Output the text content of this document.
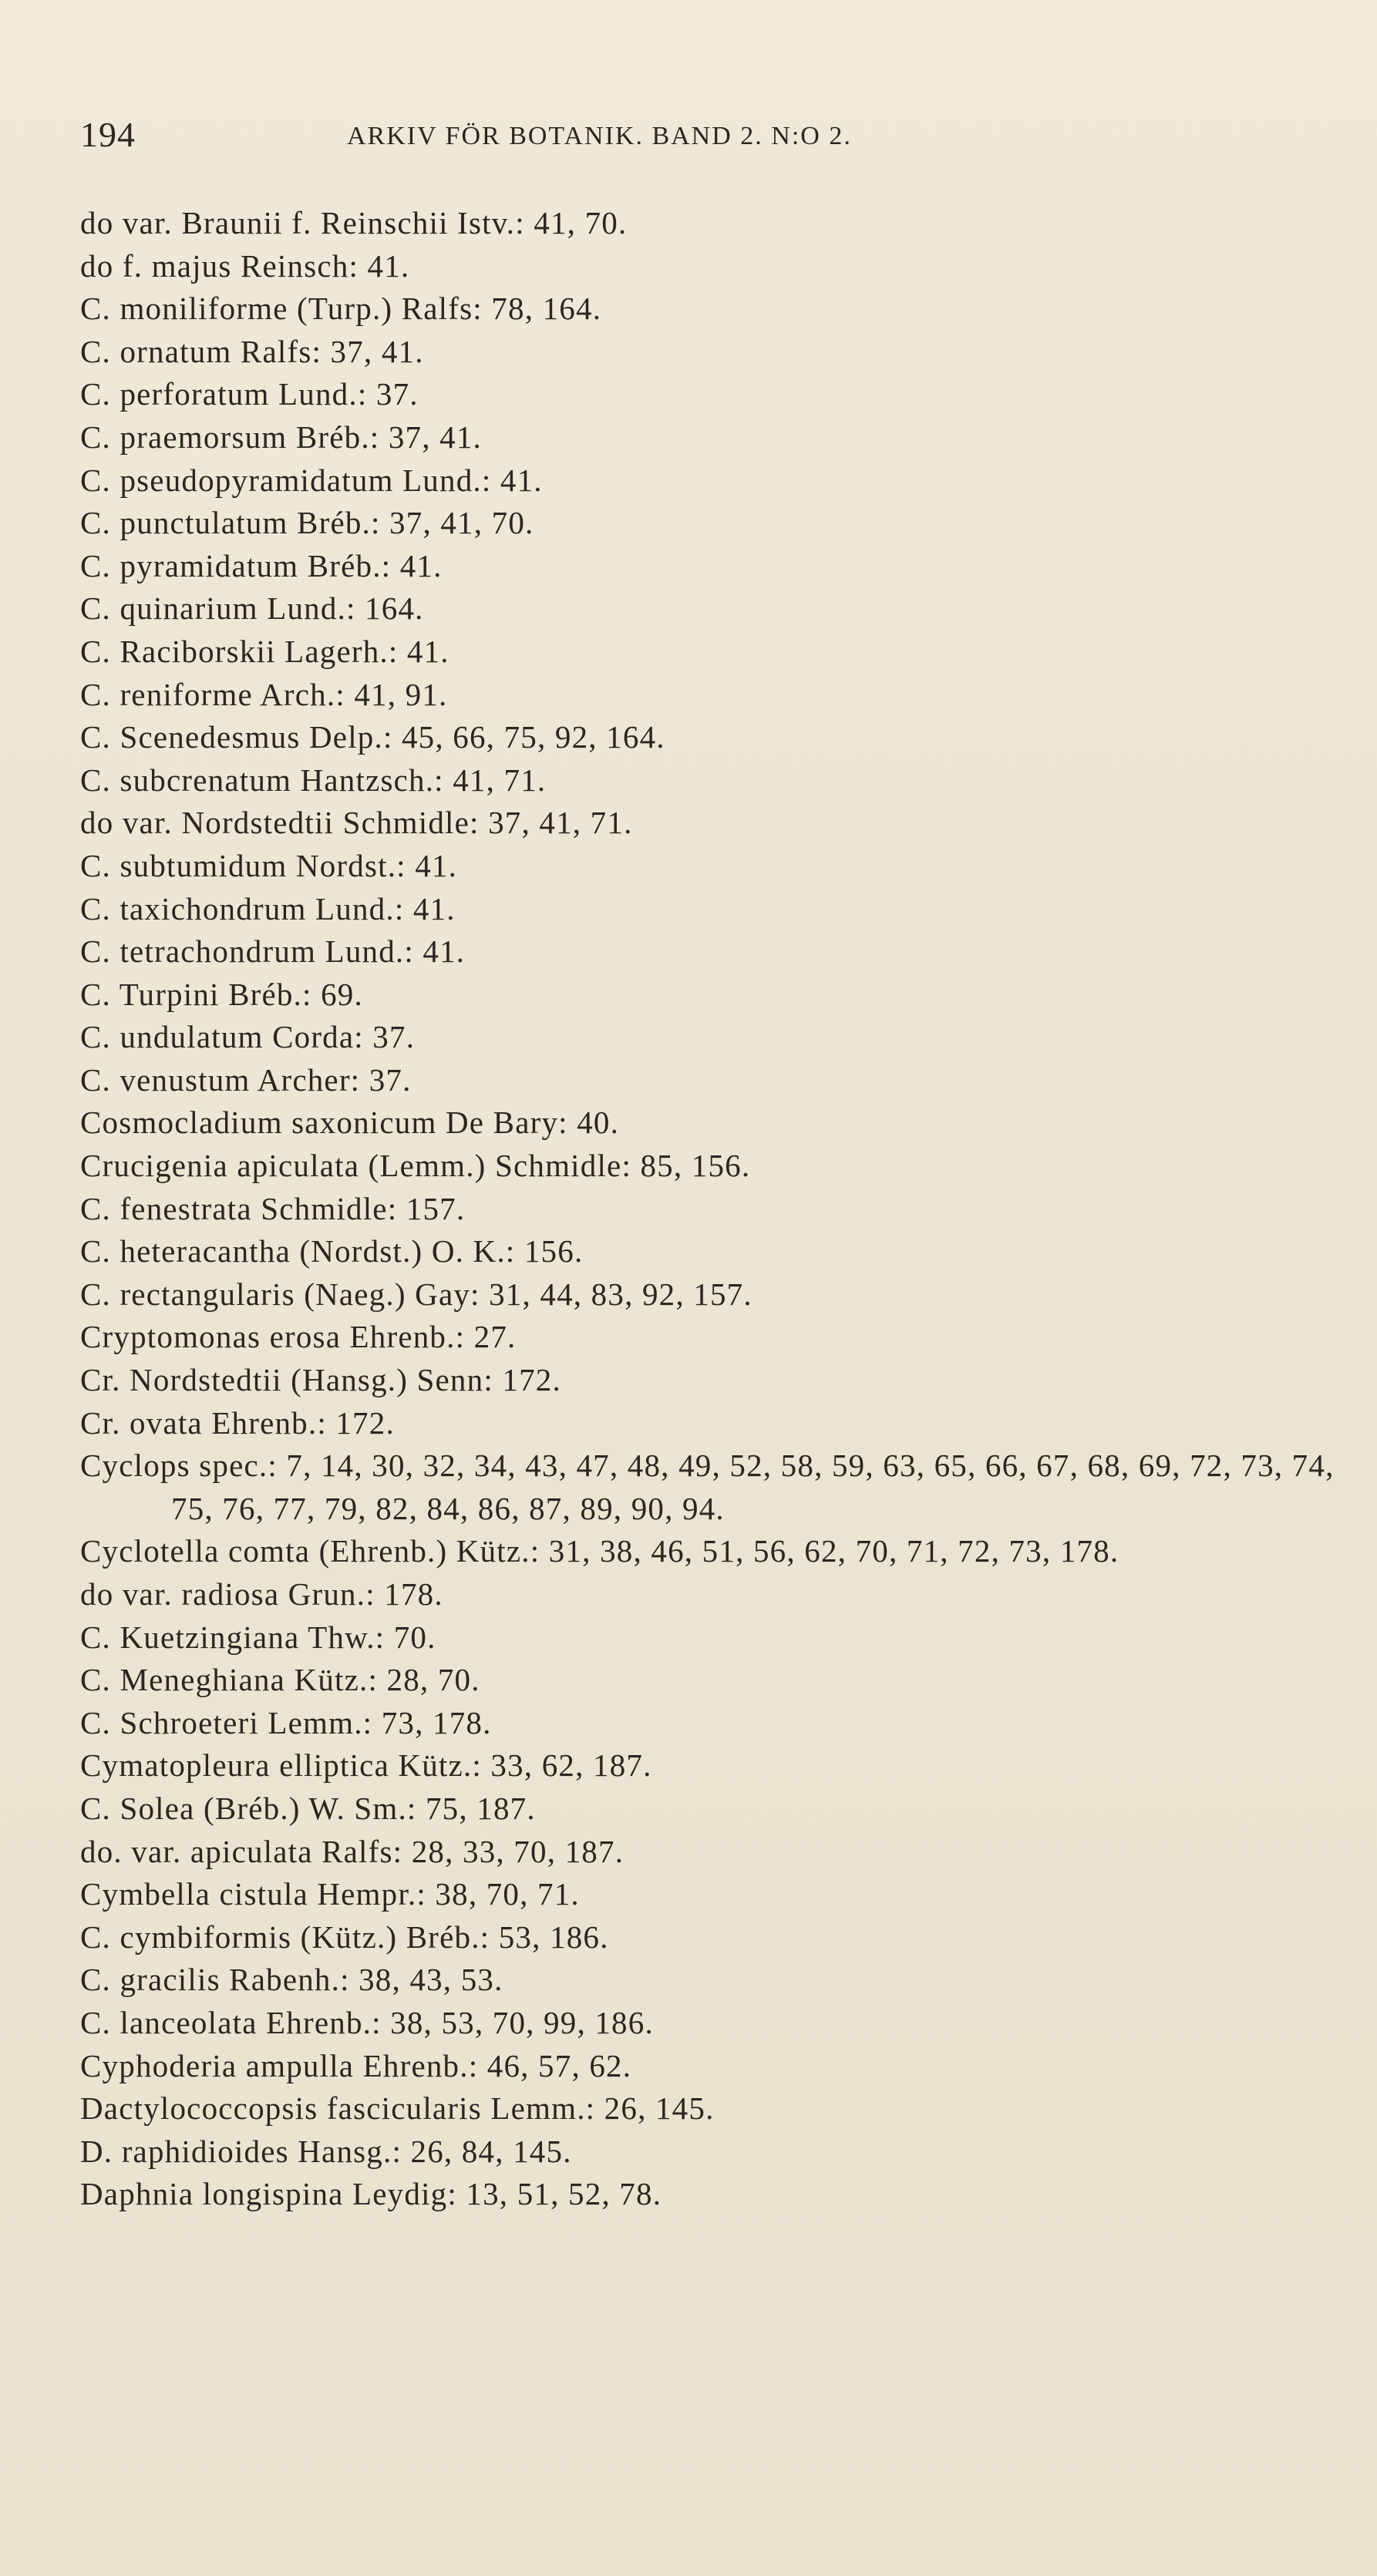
194	ARKIV FÖR BOTANIK. BAND 2. N:O 2.
do var. Braunii f. Reinschii Istv.: 41, 70.
do f. majus Reinsch: 41.
C. moniliforme (Turp.) Ralfs: 78, 164.
C. ornatum Ralfs: 37, 41.
C. perforatum Lund.: 37.
C. praemorsum Bréb.: 37, 41.
C. pseudopyramidatum Lund.: 41.
C. punctulatum Bréb.: 37, 41, 70.
C. pyramidatum Bréb.: 41.
C. quinarium Lund.: 164.
C. Raciborskii Lagerh.: 41.
C. reniforme Arch.: 41, 91.
C. Scenedesmus Delp.: 45, 66, 75, 92, 164.
C. subcrenatum Hantzsch.: 41, 71.
do var. Nordstedtii Schmidle: 37, 41, 71.
C. subtumidum Nordst.: 41.
C. taxichondrum Lund.: 41.
C. tetrachondrum Lund.: 41.
C. Turpini Bréb.: 69.
C. undulatum Corda: 37.
C. venustum Archer: 37.
Cosmocladium saxonicum De Bary: 40.
Crucigenia apiculata (Lemm.) Schmidle: 85, 156.
C. fenestrata Schmidle: 157.
C. heteracantha (Nordst.) O. K.: 156.
C. rectangularis (Naeg.) Gay: 31, 44, 83, 92, 157.
Cryptomonas erosa Ehrenb.: 27.
Cr. Nordstedtii (Hansg.) Senn: 172.
Cr. ovata Ehrenb.: 172.
Cyclops spec.: 7, 14, 30, 32, 34, 43, 47, 48, 49, 52, 58, 59, 63, 65, 66, 67, 68, 69, 72, 73, 74, 75, 76, 77, 79, 82, 84, 86, 87, 89, 90, 94.
Cyclotella comta (Ehrenb.) Kütz.: 31, 38, 46, 51, 56, 62, 70, 71, 72, 73, 178.
do var. radiosa Grun.: 178.
C. Kuetzingiana Thw.: 70.
C. Meneghiana Kütz.: 28, 70.
C. Schroeteri Lemm.: 73, 178.
Cymatopleura elliptica Kütz.: 33, 62, 187.
C. Solea (Bréb.) W. Sm.: 75, 187.
do. var. apiculata Ralfs: 28, 33, 70, 187.
Cymbella cistula Hempr.: 38, 70, 71.
C. cymbiformis (Kütz.) Bréb.: 53, 186.
C. gracilis Rabenh.: 38, 43, 53.
C. lanceolata Ehrenb.: 38, 53, 70, 99, 186.
Cyphoderia ampulla Ehrenb.: 46, 57, 62.
Dactylococcopsis fascicularis Lemm.: 26, 145.
D. raphidioides Hansg.: 26, 84, 145.
Daphnia longispina Leydig: 13, 51, 52, 78.
